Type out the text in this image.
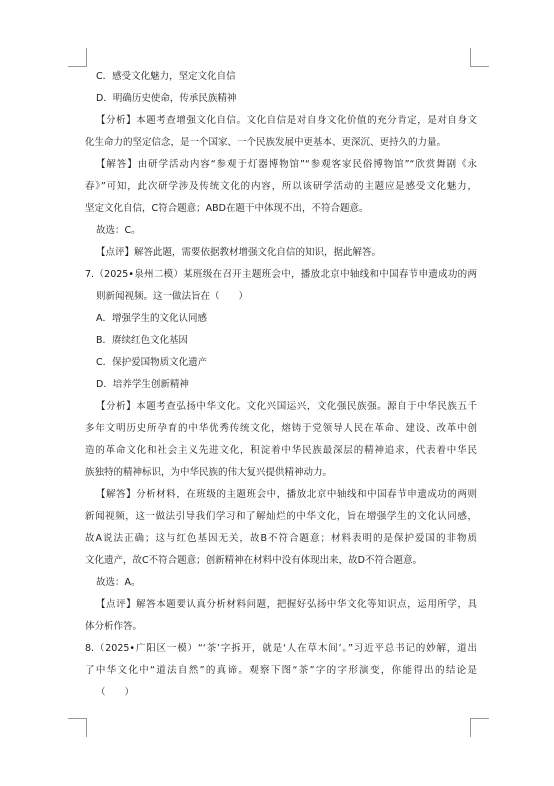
C．感受文化魅力，坚定文化自信
D．明确历史使命，传承民族精神
【分析】本题考查增强文化自信。文化自信是对自身文化价值的充分肯定，是对自身文
化生命力的坚定信念，是一个国家、一个民族发展中更基本、更深沉、更持久的力量。
【解答】由研学活动内容“参观于灯器博物馆”“参观客家民俗博物馆”“欣赏舞剧《永
春》”可知，此次研学涉及传统文化的内容，所以该研学活动的主题应是感受文化魅力，
坚定文化自信，C符合题意；ABD在题干中体现不出，不符合题意。
故选：C。
【点评】解答此题，需要依据教材增强文化自信的知识，据此解答。
7.（2025•泉州二模）某班级在召开主题班会中，播放北京中轴线和中国春节申遗成功的两
则新闻视频。这一做法旨在（　　）
A．增强学生的文化认同感
B．赓续红色文化基因
C．保护爱国物质文化遗产
D．培养学生创新精神
【分析】本题考查弘扬中华文化。文化兴国运兴，文化强民族强。源自于中华民族五千
多年文明历史所孕育的中华优秀传统文化，熔铸于党领导人民在革命、建设、改革中创
造的革命文化和社会主义先进文化，积淀着中华民族最深层的精神追求，代表着中华民
族独特的精神标识，为中华民族的伟大复兴提供精神动力。
【解答】分析材料，在班级的主题班会中，播放北京中轴线和中国春节申遗成功的两则
新闻视频，这一做法引导我们学习和了解灿烂的中华文化，旨在增强学生的文化认同感，
故A说法正确；这与红色基因无关，故B不符合题意；材料表明的是保护爱国的非物质
文化遗产，故C不符合题意；创新精神在材料中没有体现出来，故D不符合题意。
故选：A。
【点评】解答本题要认真分析材料问题，把握好弘扬中华文化等知识点，运用所学，具
体分析作答。
8.（2025•广阳区一模）“‘茶’字拆开，就是‘人在草木间’。”习近平总书记的妙解，道出
了中华文化中“道法自然”的真谛。观察下图“茶”字的字形演变，你能得出的结论是
（　　）
